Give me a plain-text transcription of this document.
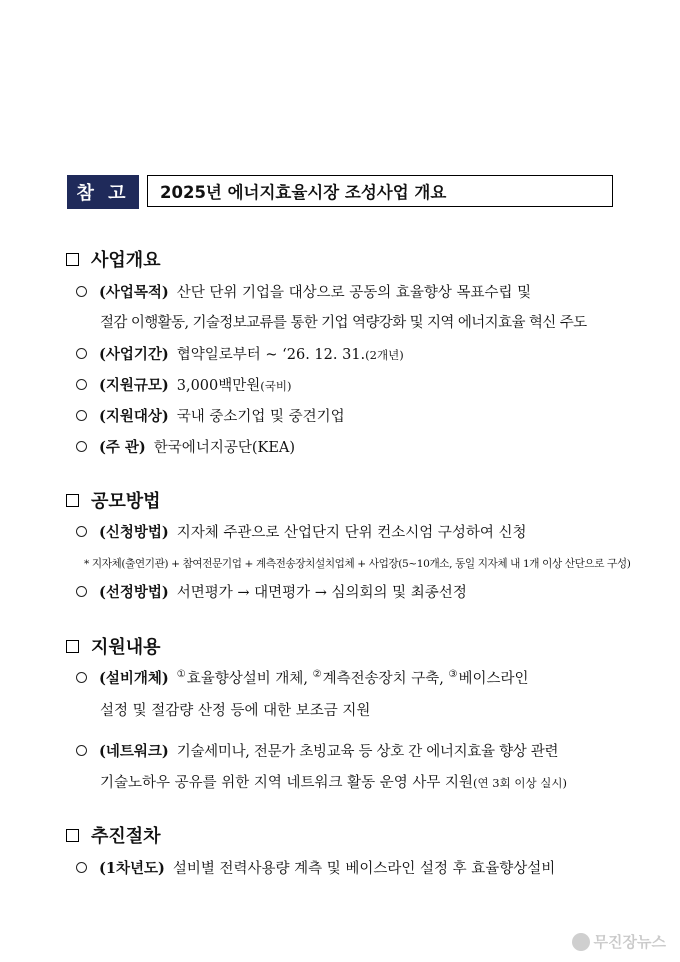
참 고	2025년 에너지효율시장 조성사업 개요
사업개요
(사업목적) 산단 단위 기업을 대상으로 공동의 효율향상 목표수립 및
절감 이행활동, 기술정보교류를 통한 기업 역량강화 및 지역 에너지효율 혁신 주도
(사업기간) 협약일로부터 ~ ‘26. 12. 31.(2개년)
(지원규모) 3,000백만원(국비)
(지원대상) 국내 중소기업 및 중견기업
(주 관) 한국에너지공단(KEA)
공모방법
(신청방법) 지자체 주관으로 산업단지 단위 컨소시엄 구성하여 신청
* 지자체(출연기관) + 참여전문기업 + 계측전송장치설치업체 + 사업장(5~10개소, 동일 지자체 내 1개 이상 산단으로 구성)
(선정방법) 서면평가 → 대면평가 → 심의회의 및 최종선정
지원내용
(설비개체) ①효율향상설비 개체, ②계측전송장치 구축, ③베이스라인
설정 및 절감량 산정 등에 대한 보조금 지원
(네트워크) 기술세미나, 전문가 초빙교육 등 상호 간 에너지효율 향상 관련
기술노하우 공유를 위한 지역 네트워크 활동 운영 사무 지원(연 3회 이상 실시)
추진절차
(1차년도) 설비별 전력사용량 계측 및 베이스라인 설정 후 효율향상설비
무진장뉴스
